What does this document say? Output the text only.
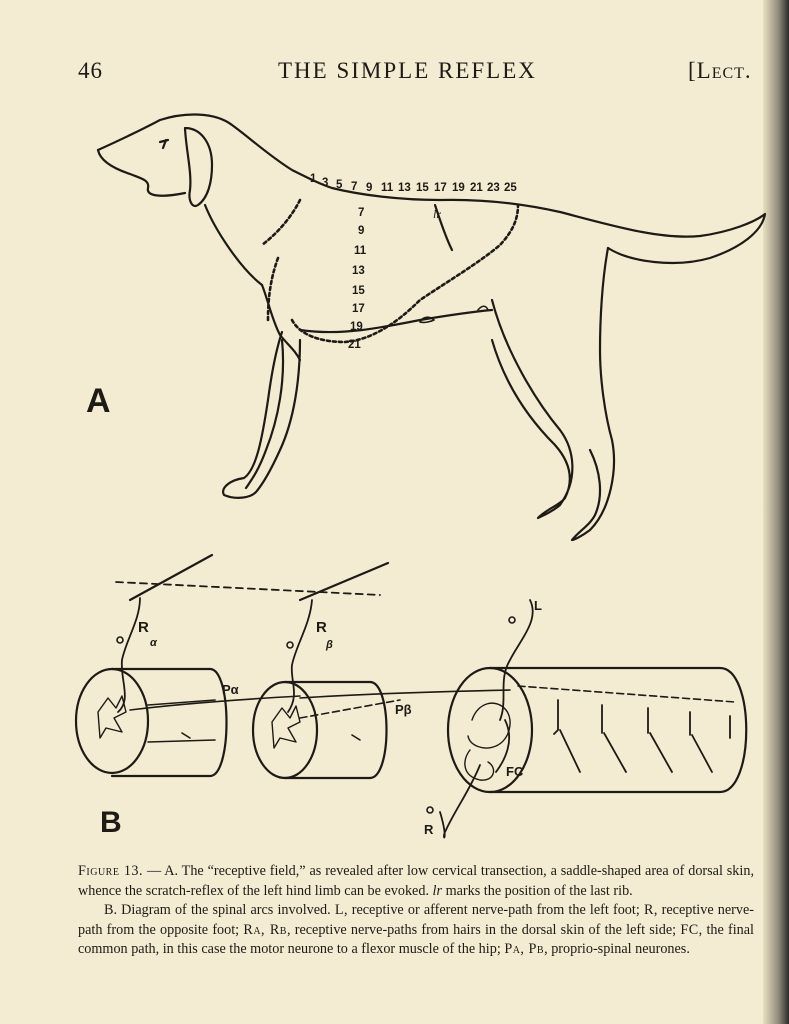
46	THE SIMPLE REFLEX	[Lect.
1 3 5 7 9 11 13 15 17 19 21 23 25
7
9
11
13
15
17
19
21
lr
A
R
α
R
β
Pα
Pβ
L
FC
R
B

Figure 13. — A. The “receptive field,” as revealed after low cervical transection, a saddle-shaped area of dorsal skin, whence the scratch-reflex of the left hind limb can be evoked. lr marks the position of the last rib.

B. Diagram of the spinal arcs involved. L, receptive or afferent nerve-path from the left foot; R, receptive nerve-path from the opposite foot; Rα, Rβ, receptive nerve-paths from hairs in the dorsal skin of the left side; FC, the final common path, in this case the motor neurone to a flexor muscle of the hip; Pα, Pβ, proprio-spinal neurones.
